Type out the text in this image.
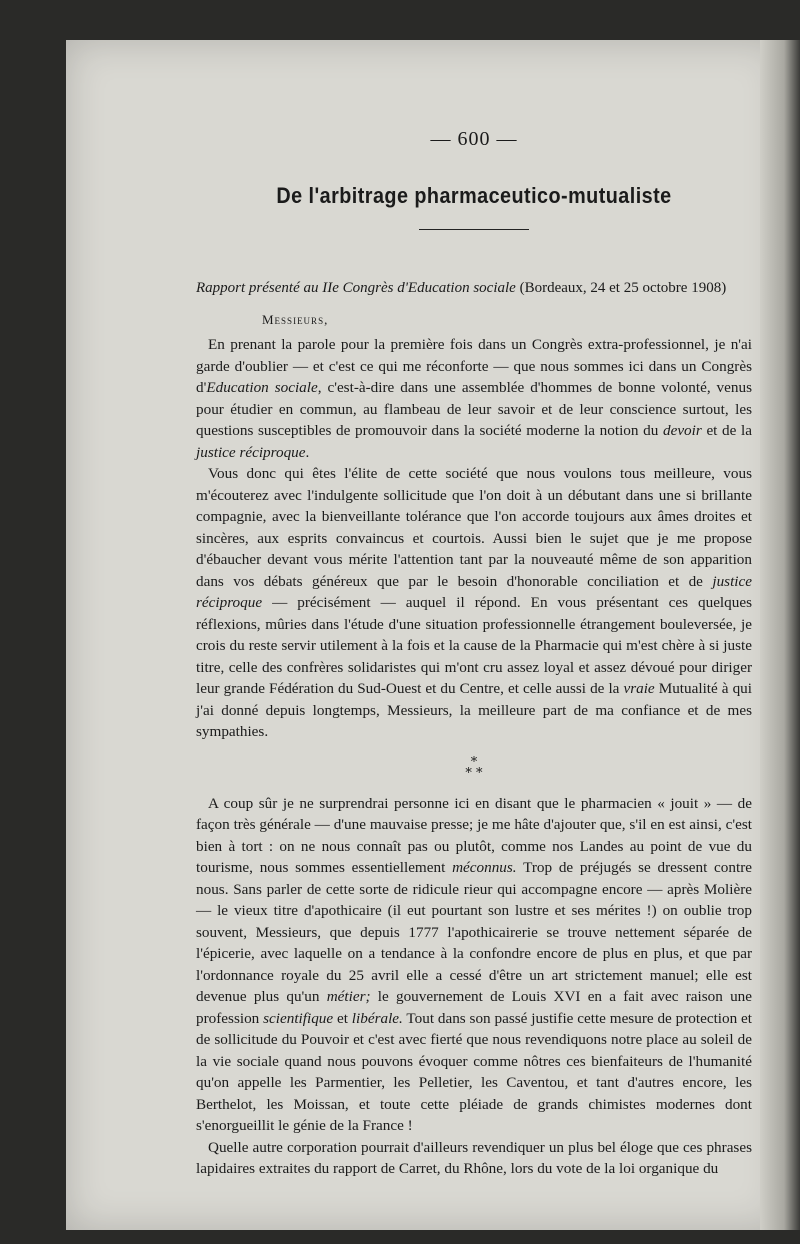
— 600 —
De l'arbitrage pharmaceutico-mutualiste

Rapport présenté au IIe Congrès d'Education sociale (Bordeaux, 24 et 25 octobre 1908)

Messieurs,

En prenant la parole pour la première fois dans un Congrès extra-professionnel, je n'ai garde d'oublier — et c'est ce qui me réconforte — que nous sommes ici dans un Congrès d'Education sociale, c'est-à-dire dans une assemblée d'hommes de bonne volonté, venus pour étudier en commun, au flambeau de leur savoir et de leur conscience surtout, les questions susceptibles de promouvoir dans la société moderne la notion du devoir et de la justice réciproque.

Vous donc qui êtes l'élite de cette société que nous voulons tous meilleure, vous m'écouterez avec l'indulgente sollicitude que l'on doit à un débutant dans une si brillante compagnie, avec la bienveillante tolérance que l'on accorde toujours aux âmes droites et sincères, aux esprits convaincus et courtois. Aussi bien le sujet que je me propose d'ébaucher devant vous mérite l'attention tant par la nouveauté même de son apparition dans vos débats généreux que par le besoin d'honorable conciliation et de justice réciproque — précisément — auquel il répond. En vous présentant ces quelques réflexions, mûries dans l'étude d'une situation professionnelle étrangement bouleversée, je crois du reste servir utilement à la fois et la cause de la Pharmacie qui m'est chère à si juste titre, celle des confrères solidaristes qui m'ont cru assez loyal et assez dévoué pour diriger leur grande Fédération du Sud-Ouest et du Centre, et celle aussi de la vraie Mutualité à qui j'ai donné depuis longtemps, Messieurs, la meilleure part de ma confiance et de mes sympathies.

*
* *

A coup sûr je ne surprendrai personne ici en disant que le pharmacien « jouit » — de façon très générale — d'une mauvaise presse; je me hâte d'ajouter que, s'il en est ainsi, c'est bien à tort : on ne nous connaît pas ou plutôt, comme nos Landes au point de vue du tourisme, nous sommes essentiellement méconnus. Trop de préjugés se dressent contre nous. Sans parler de cette sorte de ridicule rieur qui accompagne encore — après Molière — le vieux titre d'apothicaire (il eut pourtant son lustre et ses mérites !) on oublie trop souvent, Messieurs, que depuis 1777 l'apothicairerie se trouve nettement séparée de l'épicerie, avec laquelle on a tendance à la confondre encore de plus en plus, et que par l'ordonnance royale du 25 avril elle a cessé d'être un art strictement manuel; elle est devenue plus qu'un métier; le gouvernement de Louis XVI en a fait avec raison une profession scientifique et libérale. Tout dans son passé justifie cette mesure de protection et de sollicitude du Pouvoir et c'est avec fierté que nous revendiquons notre place au soleil de la vie sociale quand nous pouvons évoquer comme nôtres ces bienfaiteurs de l'humanité qu'on appelle les Parmentier, les Pelletier, les Caventou, et tant d'autres encore, les Berthelot, les Moissan, et toute cette pléiade de grands chimistes modernes dont s'enorgueillit le génie de la France !

Quelle autre corporation pourrait d'ailleurs revendiquer un plus bel éloge que ces phrases lapidaires extraites du rapport de Carret, du Rhône, lors du vote de la loi organique du
